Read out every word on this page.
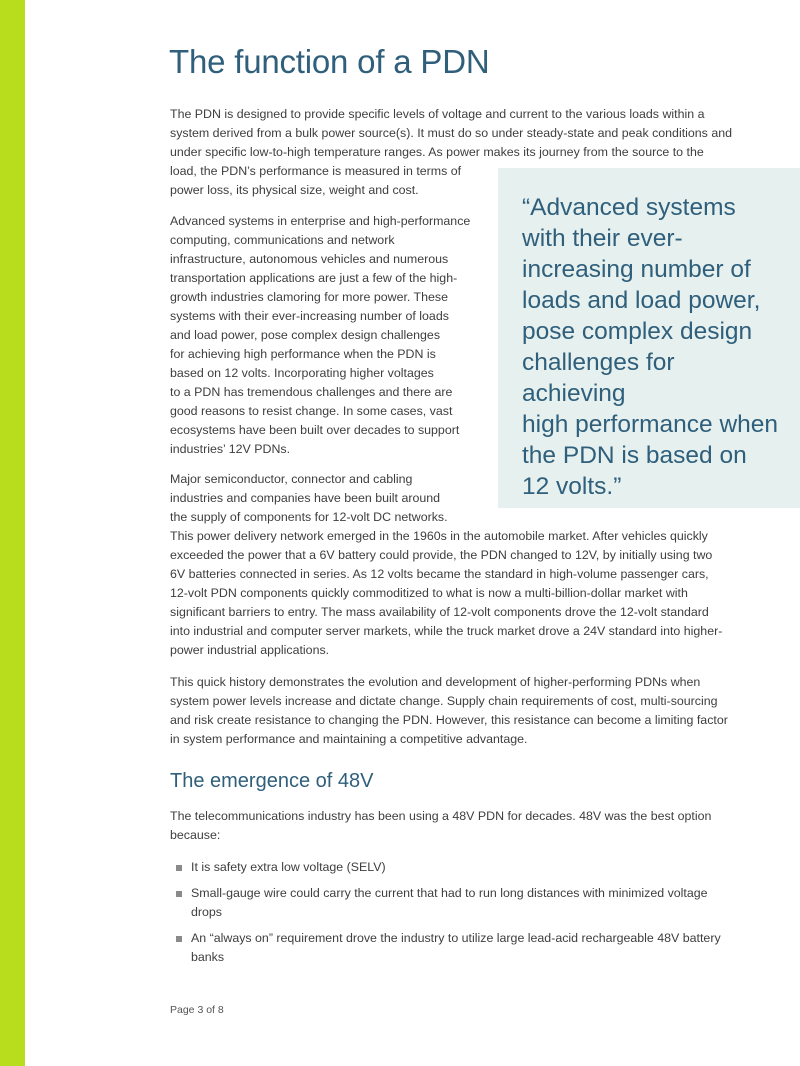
The function of a PDN

The PDN is designed to provide specific levels of voltage and current to the various loads within a
system derived from a bulk power source(s). It must do so under steady-state and peak conditions and
under specific low-to-high temperature ranges. As power makes its journey from the source to the
load, the PDN’s performance is measured in terms of
power loss, its physical size, weight and cost.

“Advanced systems
with their ever-
increasing number of
loads and load power,
pose complex design
challenges for achieving
high performance when
the PDN is based on
12 volts.”

Advanced systems in enterprise and high-performance
computing, communications and network
infrastructure, autonomous vehicles and numerous
transportation applications are just a few of the high-
growth industries clamoring for more power. These
systems with their ever-increasing number of loads
and load power, pose complex design challenges
for achieving high performance when the PDN is
based on 12 volts. Incorporating higher voltages
to a PDN has tremendous challenges and there are
good reasons to resist change. In some cases, vast
ecosystems have been built over decades to support
industries’ 12V PDNs.

Major semiconductor, connector and cabling
industries and companies have been built around
the supply of components for 12-volt DC networks.
This power delivery network emerged in the 1960s in the automobile market. After vehicles quickly
exceeded the power that a 6V battery could provide, the PDN changed to 12V, by initially using two
6V batteries connected in series. As 12 volts became the standard in high-volume passenger cars,
12-volt PDN components quickly commoditized to what is now a multi-billion-dollar market with
significant barriers to entry. The mass availability of 12-volt components drove the 12-volt standard
into industrial and computer server markets, while the truck market drove a 24V standard into higher-
power industrial applications.

This quick history demonstrates the evolution and development of higher-performing PDNs when
system power levels increase and dictate change. Supply chain requirements of cost, multi-sourcing
and risk create resistance to changing the PDN. However, this resistance can become a limiting factor
in system performance and maintaining a competitive advantage.

The emergence of 48V

The telecommunications industry has been using a 48V PDN for decades. 48V was the best option
because:

It is safety extra low voltage (SELV)
Small-gauge wire could carry the current that had to run long distances with minimized voltage
drops
An “always on” requirement drove the industry to utilize large lead-acid rechargeable 48V battery
banks

Page 3 of 8
